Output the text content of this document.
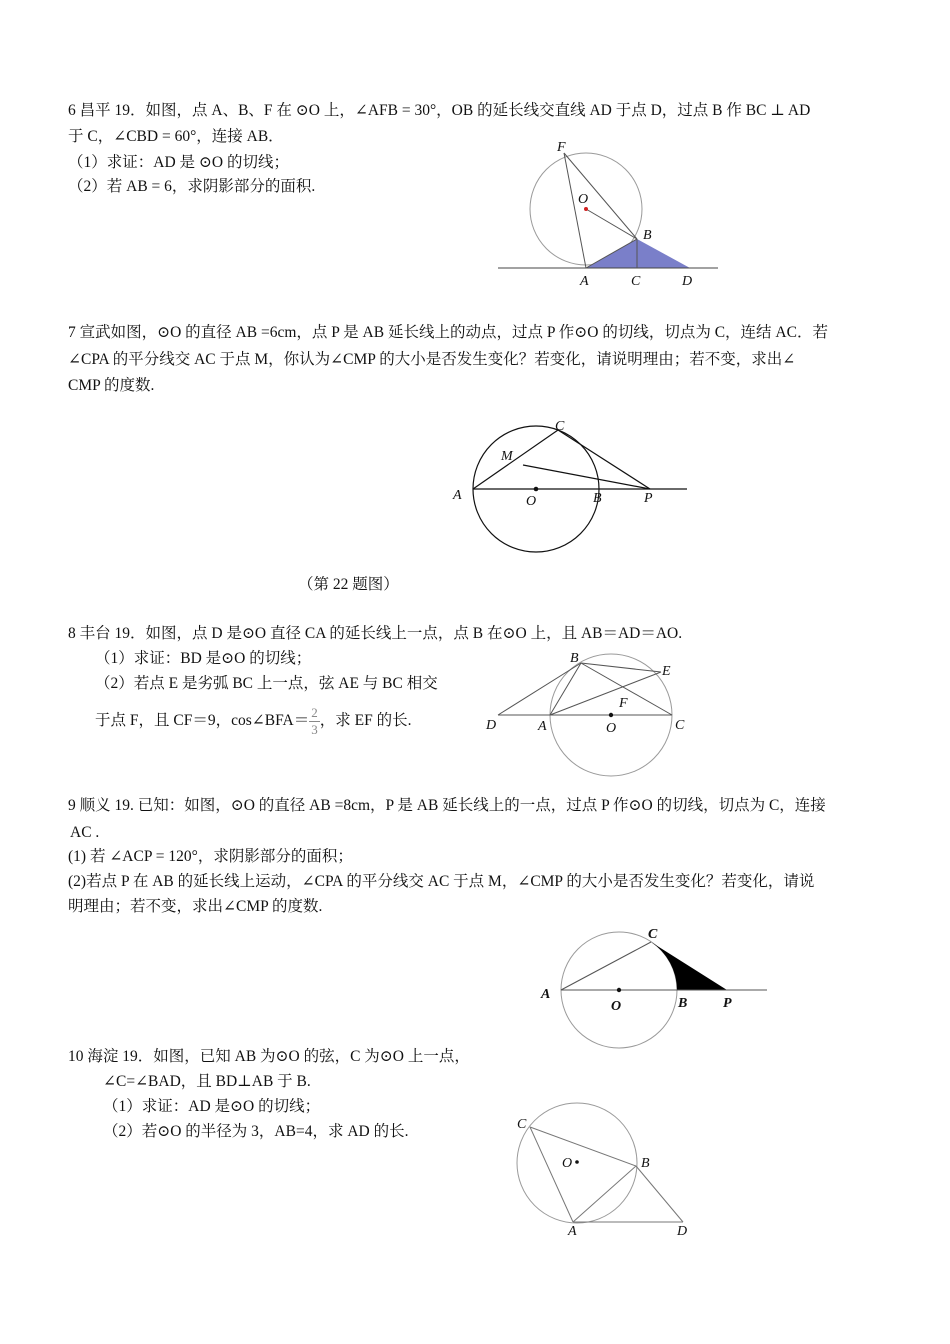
6 昌平 19．如图，点 A、B、F 在 ⊙O 上，∠AFB = 30°，OB 的延长线交直线 AD 于点 D，过点 B 作 BC ⊥ AD
于 C，∠CBD = 60°，连接 AB．
（1）求证：AD 是 ⊙O 的切线；
（2）若 AB = 6，求阴影部分的面积.
F
O
B
A	C	D
7 宣武如图，⊙O 的直径 AB =6cm，点 P 是 AB 延长线上的动点，过点 P 作⊙O 的切线，切点为 C，连结 AC．若
∠CPA 的平分线交 AC 于点 M，你认为∠CMP 的大小是否发生变化？若变化，请说明理由；若不变，求出∠
CMP 的度数.
C
M
A	O	B	P
（第 22 题图）
8 丰台 19．如图，点 D 是⊙O 直径 CA 的延长线上一点，点 B 在⊙O 上，且 AB＝AD＝AO.
（1）求证：BD 是⊙O 的切线；
（2）若点 E 是劣弧 BC 上一点，弦 AE 与 BC 相交
于点 F，且 CF＝9，cos∠BFA＝ $\frac{2}{3}$ ，求 EF 的长.
B
E
F
D	A	O	C
9 顺义 19. 已知：如图，⊙O 的直径 AB =8cm，P 是 AB 延长线上的一点，过点 P 作⊙O 的切线，切点为 C，连接
AC .
(1) 若 ∠ACP = 120°，求阴影部分的面积；
(2)若点 P 在 AB 的延长线上运动，∠CPA 的平分线交 AC 于点 M，∠CMP 的大小是否发生变化？若变化，请说
明理由；若不变，求出∠CMP 的度数.
C
A
O	B	P
10 海淀 19．如图，已知 AB 为⊙O 的弦，C 为⊙O 上一点，
∠C=∠BAD，且 BD⊥AB 于 B.
（1）求证：AD 是⊙O 的切线；
（2）若⊙O 的半径为 3，AB=4，求 AD 的长.	C
O	B
A	D
